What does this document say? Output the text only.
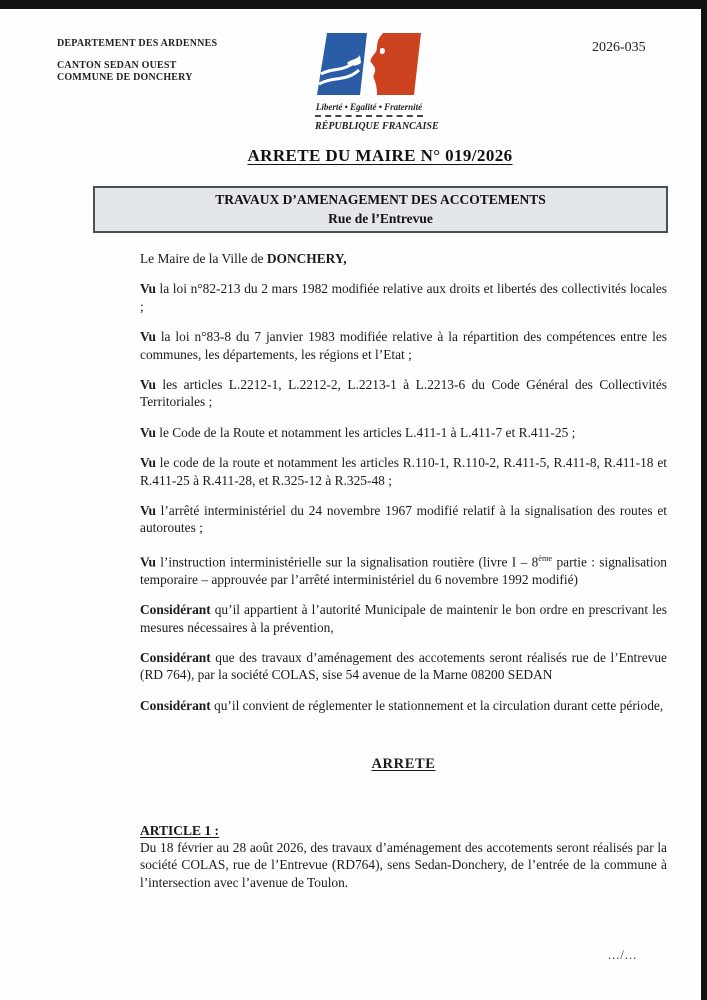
DEPARTEMENT DES ARDENNES
CANTON SEDAN OUEST
COMMUNE DE DONCHERY
2026-035
Liberté • Egalité • Fraternité
RÉPUBLIQUE FRANCAISE
ARRETE DU MAIRE N° 019/2026
TRAVAUX D’AMENAGEMENT DES ACCOTEMENTS
Rue de l’Entrevue

Le Maire de la Ville de DONCHERY,

Vu la loi n°82-213 du 2 mars 1982 modifiée relative aux droits et libertés des collectivités locales ;

Vu la loi n°83-8 du 7 janvier 1983 modifiée relative à la répartition des compétences entre les communes, les départements, les régions et l’Etat ;

Vu les articles L.2212-1, L.2212-2, L.2213-1 à L.2213-6 du Code Général des Collectivités Territoriales ;

Vu le Code de la Route et notamment les articles L.411-1 à L.411-7 et R.411-25 ;

Vu le code de la route et notamment les articles R.110-1, R.110-2, R.411-5, R.411-8, R.411-18 et R.411-25 à R.411-28, et R.325-12 à R.325-48 ;

Vu l’arrêté interministériel du 24 novembre 1967 modifié relatif à la signalisation des routes et autoroutes ;

Vu l’instruction interministérielle sur la signalisation routière (livre I – 8ème partie : signalisation temporaire – approuvée par l’arrêté interministériel du 6 novembre 1992 modifié)

Considérant qu’il appartient à l’autorité Municipale de maintenir le bon ordre en prescrivant les mesures nécessaires à la prévention,

Considérant que des travaux d’aménagement des accotements seront réalisés rue de l’Entrevue (RD 764), par la société COLAS, sise 54 avenue de la Marne 08200 SEDAN

Considérant qu’il convient de réglementer le stationnement et la circulation durant cette période,

ARRETE

ARTICLE 1 :

Du 18 février au 28 août 2026, des travaux d’aménagement des accotements seront réalisés par la société COLAS, rue de l’Entrevue (RD764), sens Sedan-Donchery, de l’entrée de la commune à l’intersection avec l’avenue de Toulon.

.../...
